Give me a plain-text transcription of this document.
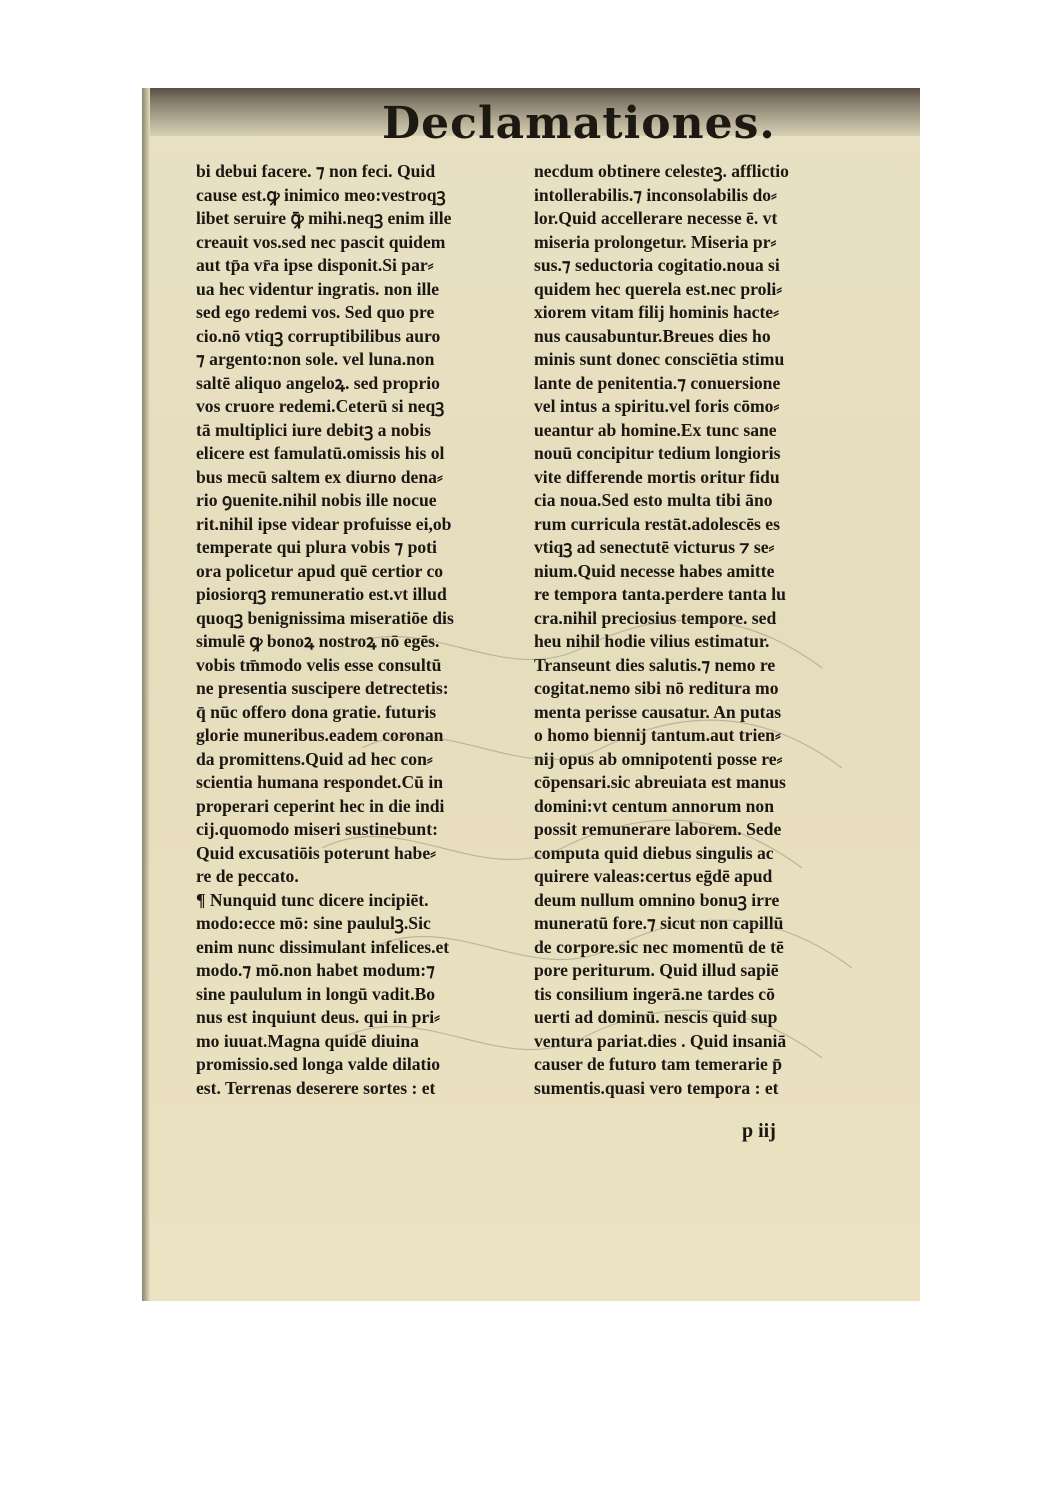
Declamationes.
bi debui facere. ⁊ non feci. Quid
cause est.ꝙ inimico meo:vestroqꝫ
libet seruire ꝙ̄ mihi.neqꝫ enim ille
creauit vos.sed nec pascit quidem
aut tp̄a vr̄a ipse disponit.Si par⸗
ua hec videntur ingratis. non ille
sed ego redemi vos. Sed quo pre
cio.nō vtiqꝫ corruptibilibus auro
⁊ argento:non sole. vel luna.non
saltē aliquo angeloꝝ. sed proprio
vos cruore redemi.Ceterū si neqꝫ
tā multiplici iure debitꝫ a nobis
elicere est famulatū.omissis his ol
bus mecū saltem ex diurno dena⸗
rio ꝯuenite.nihil nobis ille nocue
rit.nihil ipse videar profuisse ei,ob
temperate qui plura vobis ⁊ poti
ora policetur apud quē certior co
piosiorqꝫ remuneratio est.vt illud
quoqꝫ benignissima miseratiōe dis
simulē ꝙ bonoꝝ nostroꝝ nō egēs.
vobis tm̄modo velis esse consultū
ne presentia suscipere detrectetis:
q̄ nūc offero dona gratie. futuris
glorie muneribus.eadem coronan
da promittens.Quid ad hec con⸗
scientia humana respondet.Cū in
properari ceperint hec in die indi
cij.quomodo miseri sustinebunt:
Quid excusatiōis poterunt habe⸗
re de peccato.
¶ Nunquid tunc dicere incipiēt.
modo:ecce mō: sine paululꝫ.Sic
enim nunc dissimulant infelices.et
modo.⁊ mō.non habet modum:⁊
sine paululum in longū vadit.Bo
nus est inquiunt deus. qui in pri⸗
mo iuuat.Magna quidē diuina
promissio.sed longa valde dilatio
est. Terrenas deserere sortes : et
necdum obtinere celesteꝫ. afflictio
intollerabilis.⁊ inconsolabilis do⸗
lor.Quid accellerare necesse ē. vt
miseria prolongetur. Miseria pr⸗
sus.⁊ seductoria cogitatio.noua si
quidem hec querela est.nec proli⸗
xiorem vitam filij hominis hacte⸗
nus causabuntur.Breues dies ho
minis sunt donec consciētia stimu
lante de penitentia.⁊ conuersione
vel intus a spiritu.vel foris cōmo⸗
ueantur ab homine.Ex tunc sane
nouū concipitur tedium longioris
vite differende mortis oritur fidu
cia noua.Sed esto multa tibi āno
rum curricula restāt.adolescēs es
vtiqꝫ ad senectutē victurus ⁊ se⸗
nium.Quid necesse habes amitte
re tempora tanta.perdere tanta lu
cra.nihil preciosius tempore. sed
heu nihil hodie vilius estimatur.
Transeunt dies salutis.⁊ nemo re
cogitat.nemo sibi nō reditura mo
menta perisse causatur. An putas
o homo biennij tantum.aut trien⸗
nij opus ab omnipotenti posse re⸗
cōpensari.sic abreuiata est manus
domini:vt centum annorum non
possit remunerare laborem. Sede
computa quid diebus singulis ac
quirere valeas:certus eḡdē apud
deum nullum omnino bonuꝫ irre
muneratū fore.⁊ sicut non capillū
de corpore.sic nec momentū de tē
pore periturum. Quid illud sapiē
tis consilium ingerā.ne tardes cō
uerti ad dominū. nescis quid sup
ventura pariat.dies . Quid insaniā
causer de futuro tam temerarie p̄
sumentis.quasi vero tempora : et
p iij
